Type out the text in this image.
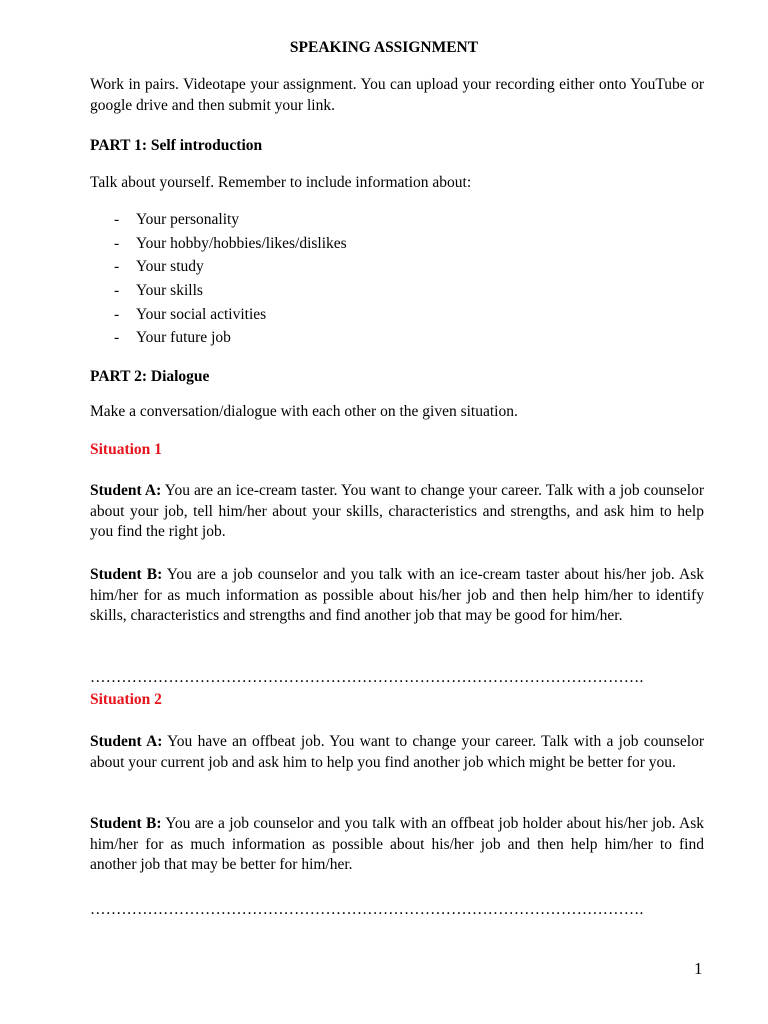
SPEAKING ASSIGNMENT

Work in pairs. Videotape your assignment. You can upload your recording either onto YouTube or google drive and then submit your link.

PART 1: Self introduction

Talk about yourself. Remember to include information about:

- Your personality
- Your hobby/hobbies/likes/dislikes
- Your study
- Your skills
- Your social activities
- Your future job

PART 2: Dialogue

Make a conversation/dialogue with each other on the given situation.

Situation 1

Student A: You are an ice-cream taster. You want to change your career. Talk with a job counselor about your job, tell him/her about your skills, characteristics and strengths, and ask him to help you find the right job.

Student B: You are a job counselor and you talk with an ice-cream taster about his/her job. Ask him/her for as much information as possible about his/her job and then help him/her to identify skills, characteristics and strengths and find another job that may be good for him/her.

…………………………………………………………………………………………….

Situation 2

Student A: You have an offbeat job. You want to change your career. Talk with a job counselor about your current job and ask him to help you find another job which might be better for you.

Student B: You are a job counselor and you talk with an offbeat job holder about his/her job. Ask him/her for as much information as possible about his/her job and then help him/her to find another job that may be better for him/her.

…………………………………………………………………………………………….

1
